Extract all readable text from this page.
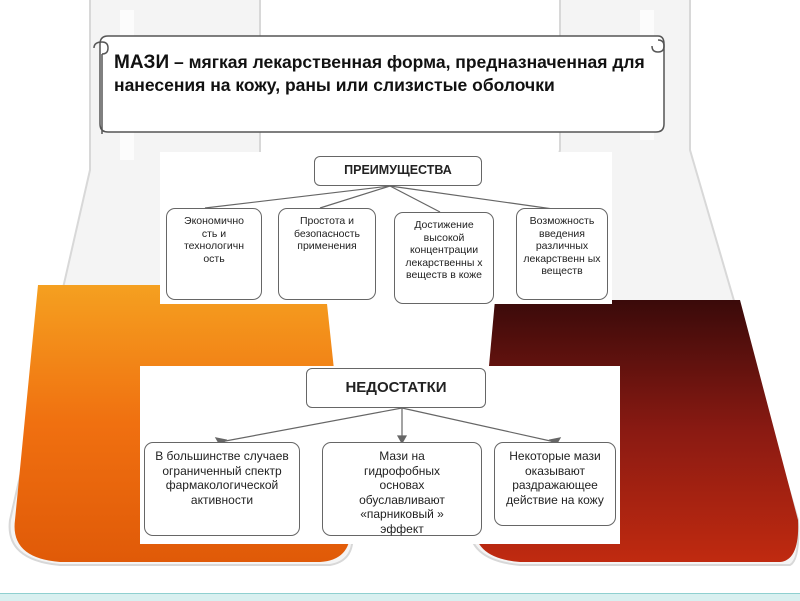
МАЗИ – мягкая лекарственная форма, предназначенная для нанесения на кожу, раны или слизистые оболочки
ПРЕИМУЩЕСТВА
Экономично сть и технологичн ость
Простота и безопасность применения
Достижение высокой концентрации лекарственны х веществ в коже
Возможность введения различных лекарственн ых веществ
НЕДОСТАТКИ
В большинстве случаев ограниченный спектр фармакологической активности
Мази на гидрофобных основах обуславливают «парниковый » эффект
Некоторые мази оказывают раздражающее действие на кожу
